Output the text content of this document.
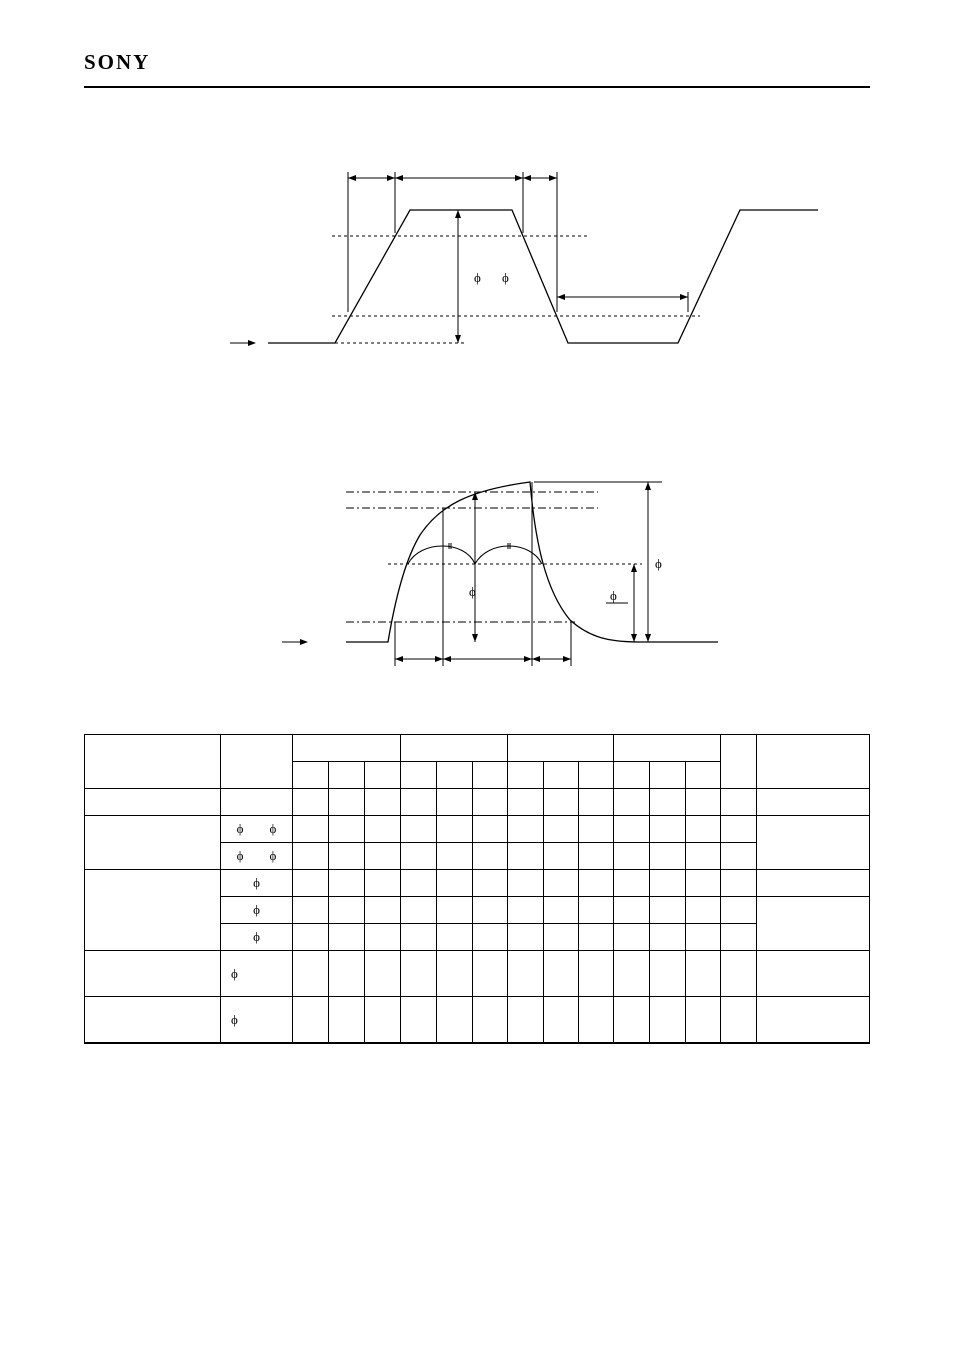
SONY
ϕ ϕ
ϕ	ϕ
ϕ

	ϕ ϕ														
	ϕ ϕ														
	ϕ														
	ϕ														
	ϕ														
	ϕ														
	ϕ														
